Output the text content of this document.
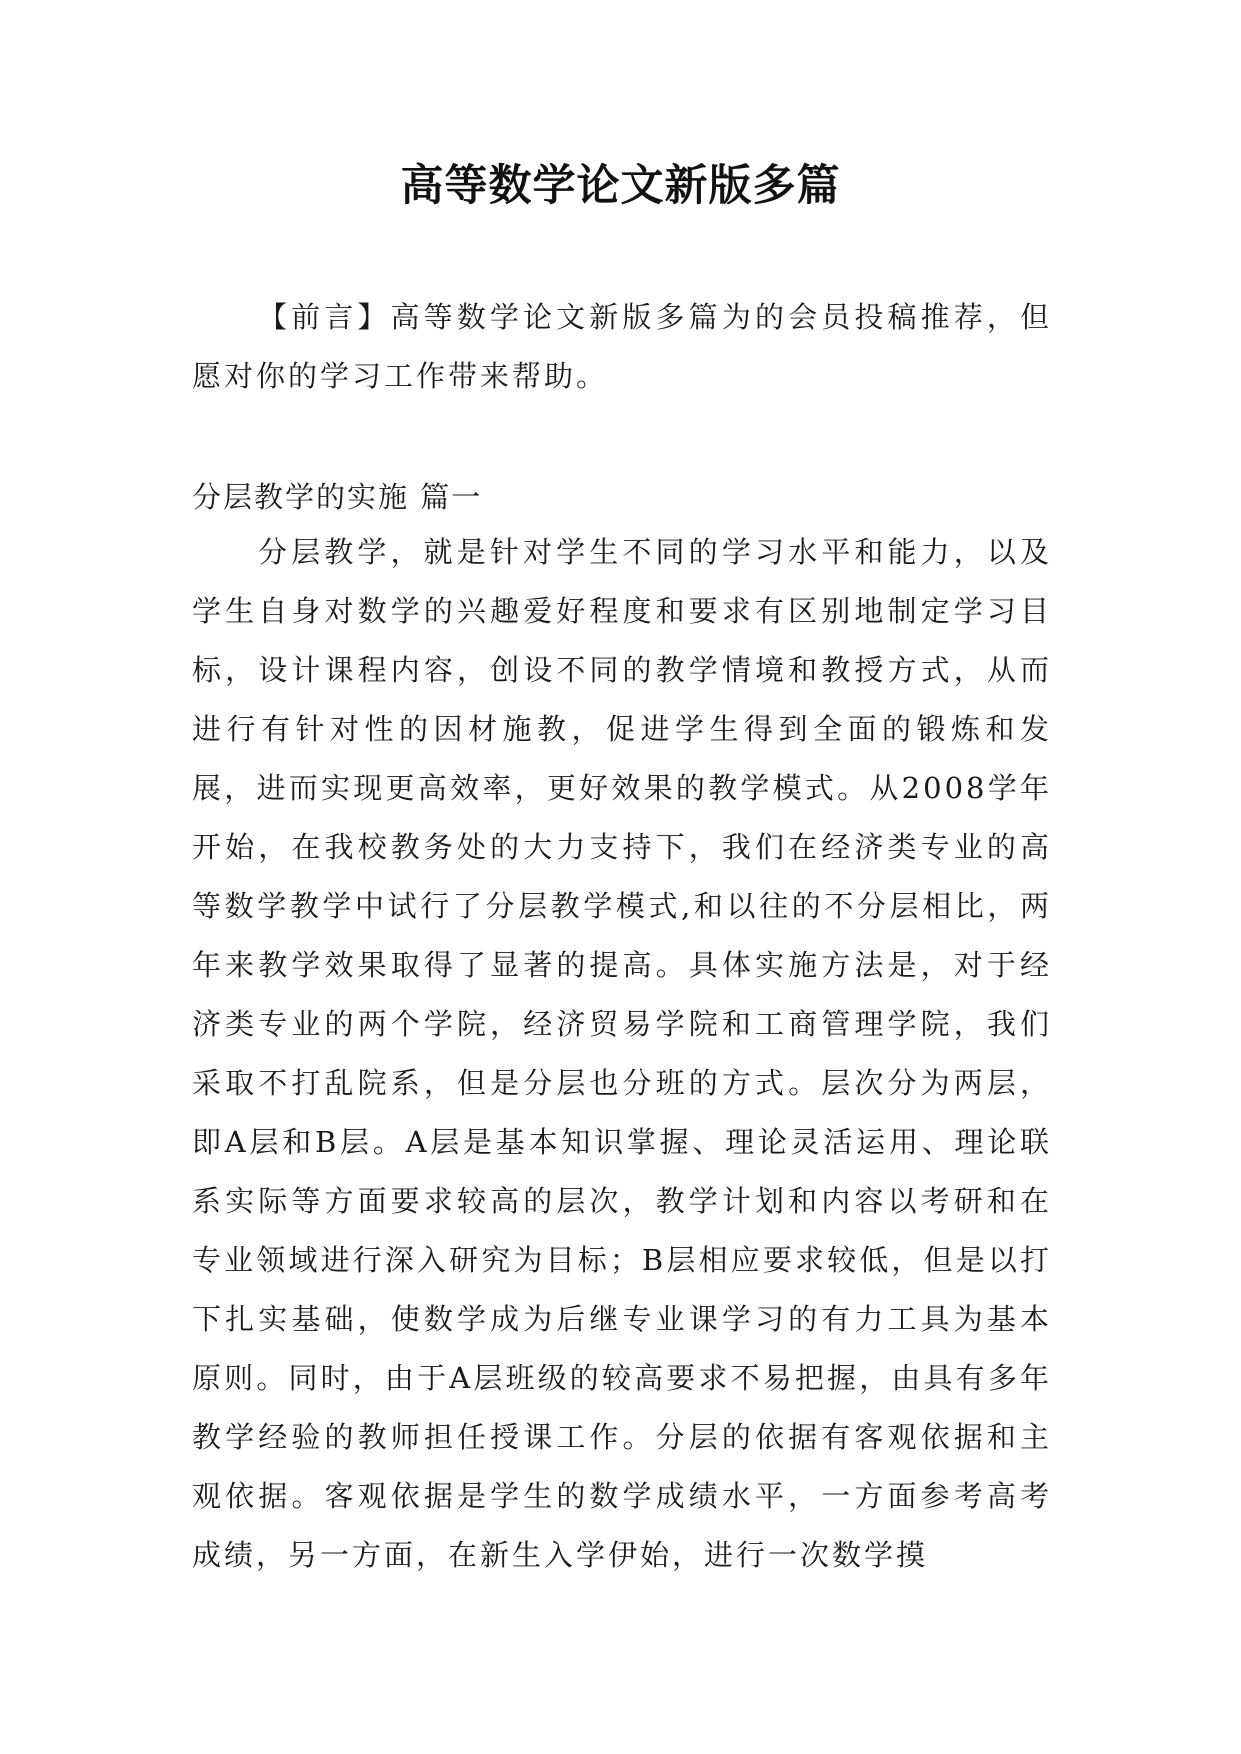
高等数学论文新版多篇
【前言】高等数学论文新版多篇为的会员投稿推荐，但愿对你的学习工作带来帮助。
分层教学的实施 篇一
分层教学，就是针对学生不同的学习水平和能力，以及学生自身对数学的兴趣爱好程度和要求有区别地制定学习目标，设计课程内容，创设不同的教学情境和教授方式，从而进行有针对性的因材施教，促进学生得到全面的锻炼和发展，进而实现更高效率，更好效果的教学模式。从2008学年开始，在我校教务处的大力支持下，我们在经济类专业的高等数学教学中试行了分层教学模式,和以往的不分层相比，两年来教学效果取得了显著的提高。具体实施方法是，对于经济类专业的两个学院，经济贸易学院和工商管理学院，我们采取不打乱院系，但是分层也分班的方式。层次分为两层，即A层和B层。A层是基本知识掌握、理论灵活运用、理论联系实际等方面要求较高的层次，教学计划和内容以考研和在专业领域进行深入研究为目标；B层相应要求较低，但是以打下扎实基础，使数学成为后继专业课学习的有力工具为基本原则。同时，由于A层班级的较高要求不易把握，由具有多年教学经验的教师担任授课工作。分层的依据有客观依据和主观依据。客观依据是学生的数学成绩水平，一方面参考高考成绩，另一方面，在新生入学伊始，进行一次数学摸
